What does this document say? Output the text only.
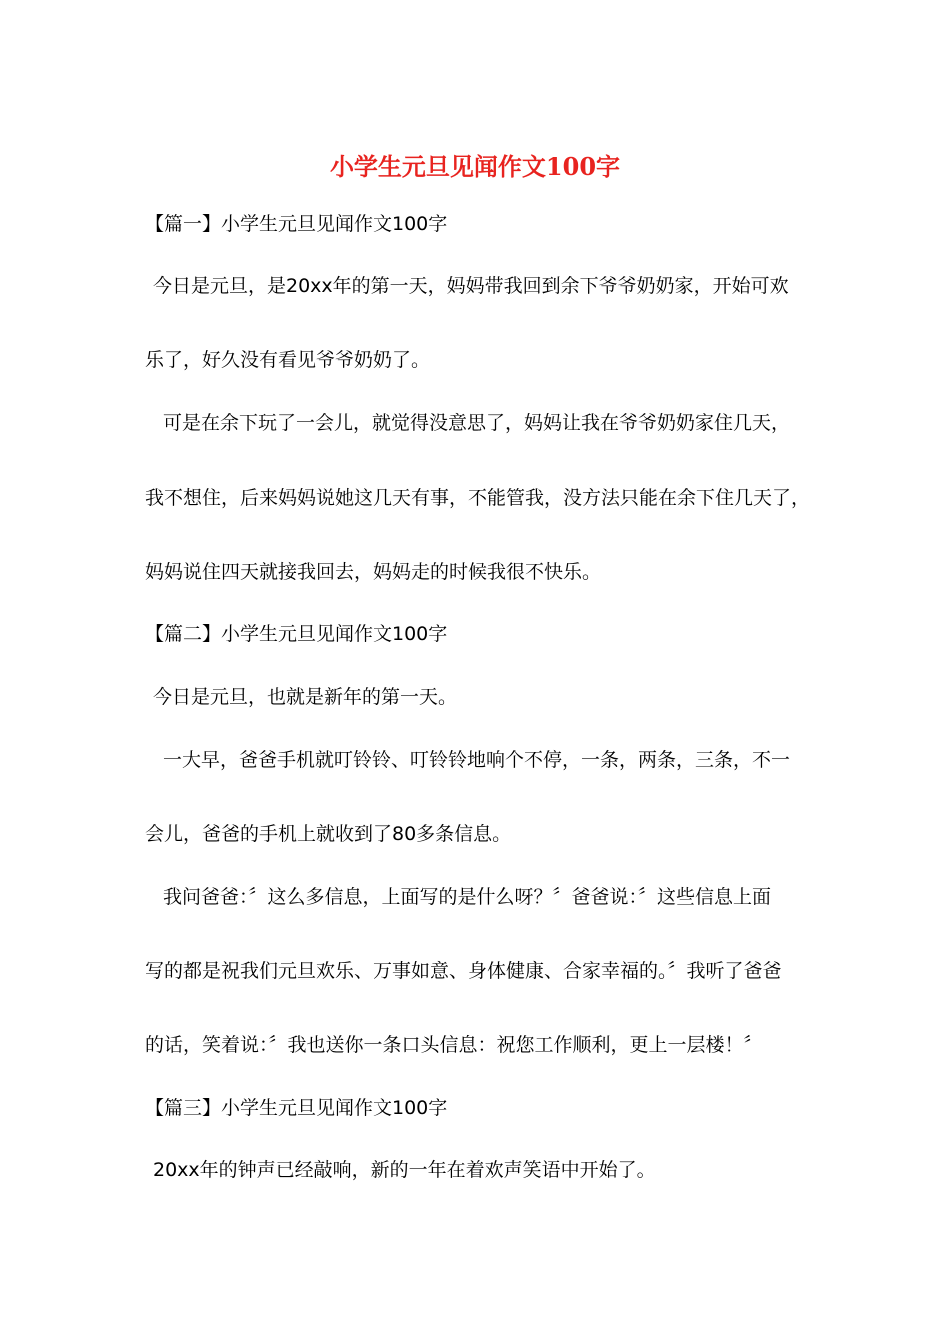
小学生元旦见闻作文100字

【篇一】小学生元旦见闻作文100字

今日是元旦，是20xx年的第一天，妈妈带我回到余下爷爷奶奶家，开始可欢

乐了，好久没有看见爷爷奶奶了。

可是在余下玩了一会儿，就觉得没意思了，妈妈让我在爷爷奶奶家住几天，

我不想住，后来妈妈说她这几天有事，不能管我，没方法只能在余下住几天了，

妈妈说住四天就接我回去，妈妈走的时候我很不快乐。

【篇二】小学生元旦见闻作文100字

今日是元旦，也就是新年的第一天。

一大早，爸爸手机就叮铃铃、叮铃铃地响个不停，一条，两条，三条，不一

会儿，爸爸的手机上就收到了80多条信息。

我问爸爸：〞这么多信息，上面写的是什么呀？〞爸爸说：〞这些信息上面

写的都是祝我们元旦欢乐、万事如意、身体健康、合家幸福的。〞我听了爸爸

的话，笑着说：〞我也送你一条口头信息：祝您工作顺利，更上一层楼！〞

【篇三】小学生元旦见闻作文100字

20xx年的钟声已经敲响，新的一年在着欢声笑语中开始了。
